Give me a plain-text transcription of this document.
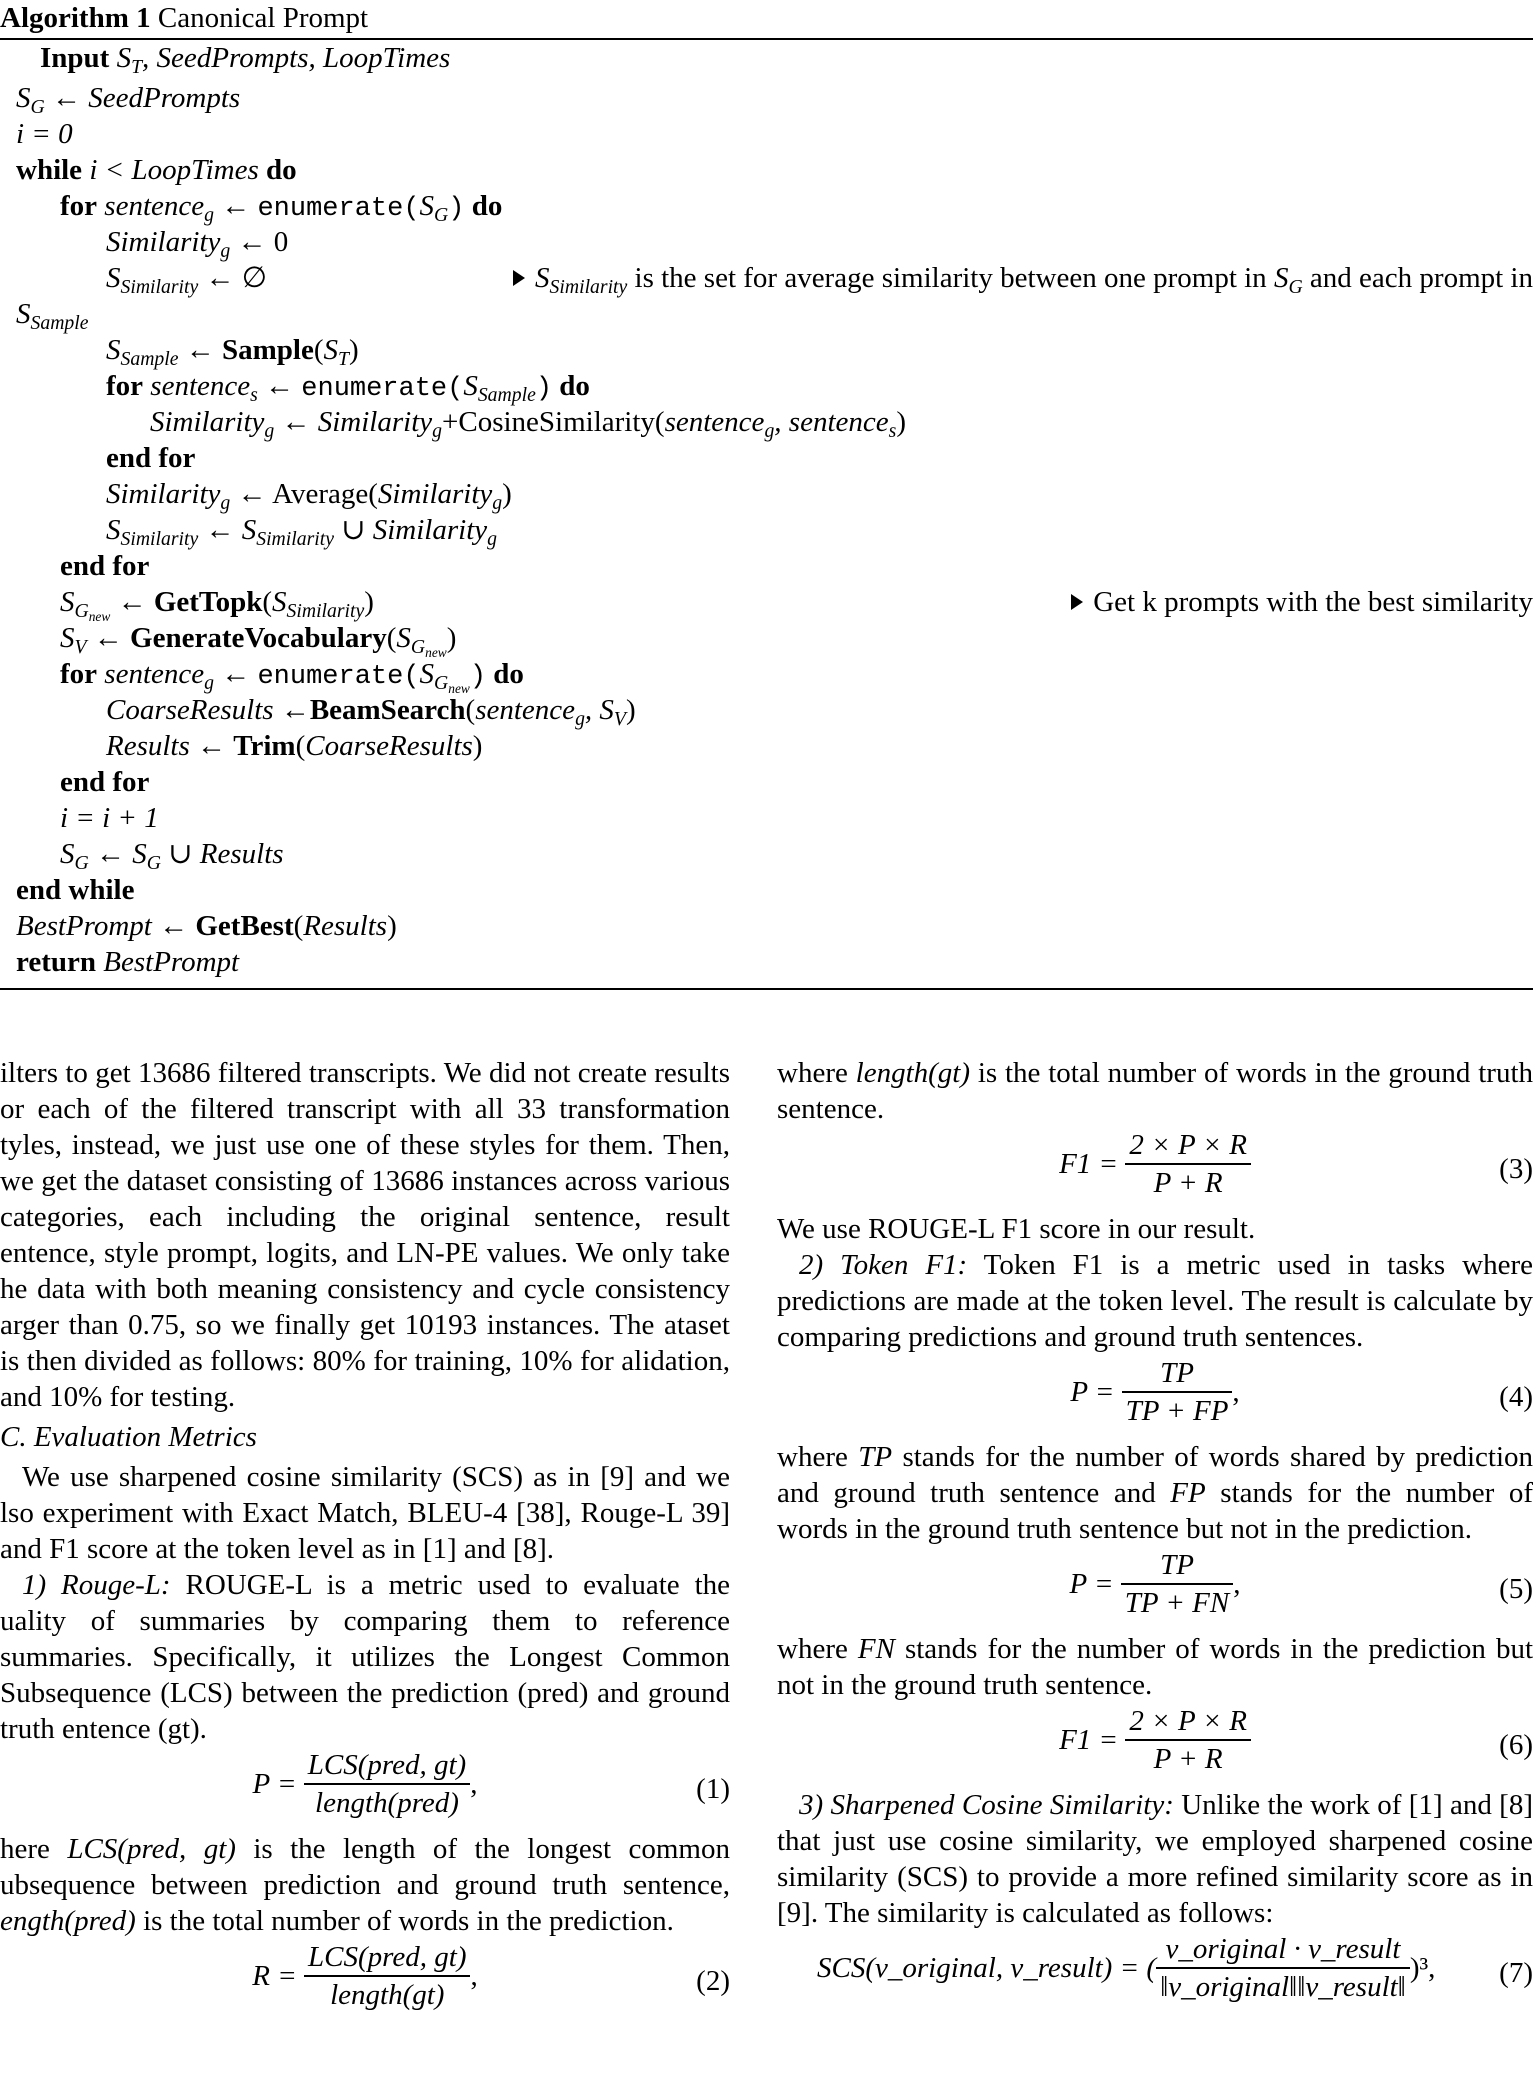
Algorithm 1 Canonical Prompt
Input $S_T$, SeedPrompts, LoopTimes
$S_G$ ← SeedPrompts
i = 0
while i < LoopTimes do
for sentence$_g$ ← $enumerate(S_G)$ do
Similarity$_g$ ← 0
$S_{Similarity}$ ← ∅	$S_{Similarity}$ is the set for average similarity between one prompt in $S_G$ and each prompt in
$S_{Sample}$
$S_{Sample}$ ← $Sample(S_T)$
for sentence$_s$ ← $enumerate(S_{Sample})$ do
Similarity$_g$ ← Similarity$_g$+CosineSimilarity(sentence$_g$, sentence$_s$)
end for
Similarity$_g$ ← Average(Similarity$_g$)
$S_{Similarity}$ ← $S_{Similarity}$ ∪ Similarity$_g$
end for
$S_{G_{new}}$ ← $GetTopk(S_{Similarity})$	Get k prompts with the best similarity
$S_V$ ← $GenerateVocabulary(S_{G_{new}})$
for sentence$_g$ ← $enumerate(S_{G_{new}})$ do
CoarseResults ←BeamSearch(sentence$_g$, $S_V$)
Results ← Trim(CoarseResults)
end for
i = i + 1
$S_G$ ← $S_G$ ∪ Results
end while
BestPrompt ← GetBest(Results)
return BestPrompt

ilters to get 13686 filtered transcripts. We did not create results or each of the filtered transcript with all 33 transformation tyles, instead, we just use one of these styles for them. Then, we get the dataset consisting of 13686 instances across various categories, each including the original sentence, result entence, style prompt, logits, and LN-PE values. We only take he data with both meaning consistency and cycle consistency arger than 0.75, so we finally get 10193 instances. The ataset is then divided as follows: 80% for training, 10% for alidation, and 10% for testing.

C. Evaluation Metrics

We use sharpened cosine similarity (SCS) as in [9] and we lso experiment with Exact Match, BLEU-4 [38], Rouge-L 39] and F1 score at the token level as in [1] and [8].

1) Rouge-L: ROUGE-L is a metric used to evaluate the uality of summaries by comparing them to reference summaries. Specifically, it utilizes the Longest Common Subsequence (LCS) between the prediction (pred) and ground truth entence (gt).

$P = \frac{\text{LCS(pred, gt)}}{\text{length(pred)}}$ ,	(1)

here LCS(pred, gt) is the length of the longest common ubsequence between prediction and ground truth sentence, ength(pred) is the total number of words in the prediction.

$R = \frac{\text{LCS(pred, gt)}}{\text{length(gt)}}$ ,	(2)

where length(gt) is the total number of words in the ground truth sentence.

$F1 = \frac{2 \times P \times R}{P + R}$	(3)

We use ROUGE-L F1 score in our result.

2) Token F1: Token F1 is a metric used in tasks where predictions are made at the token level. The result is calculate by comparing predictions and ground truth sentences.

$P = \frac{TP}{TP + FP}$ ,	(4)

where TP stands for the number of words shared by prediction and ground truth sentence and FP stands for the number of words in the ground truth sentence but not in the prediction.

$P = \frac{TP}{TP + FN}$ ,	(5)

where FN stands for the number of words in the prediction but not in the ground truth sentence.

$F1 = \frac{2 \times P \times R}{P + R}$	(6)

3) Sharpened Cosine Similarity: Unlike the work of [1] and [8] that just use cosine similarity, we employed sharpened cosine similarity (SCS) to provide a more refined similarity score as in [9]. The similarity is calculated as follows:

SCS(v_original, v_result) = ( $\frac{\text{v\_original · v\_result}}{\text{‖v\_original‖‖v\_result‖}} )^3$,	(7)
